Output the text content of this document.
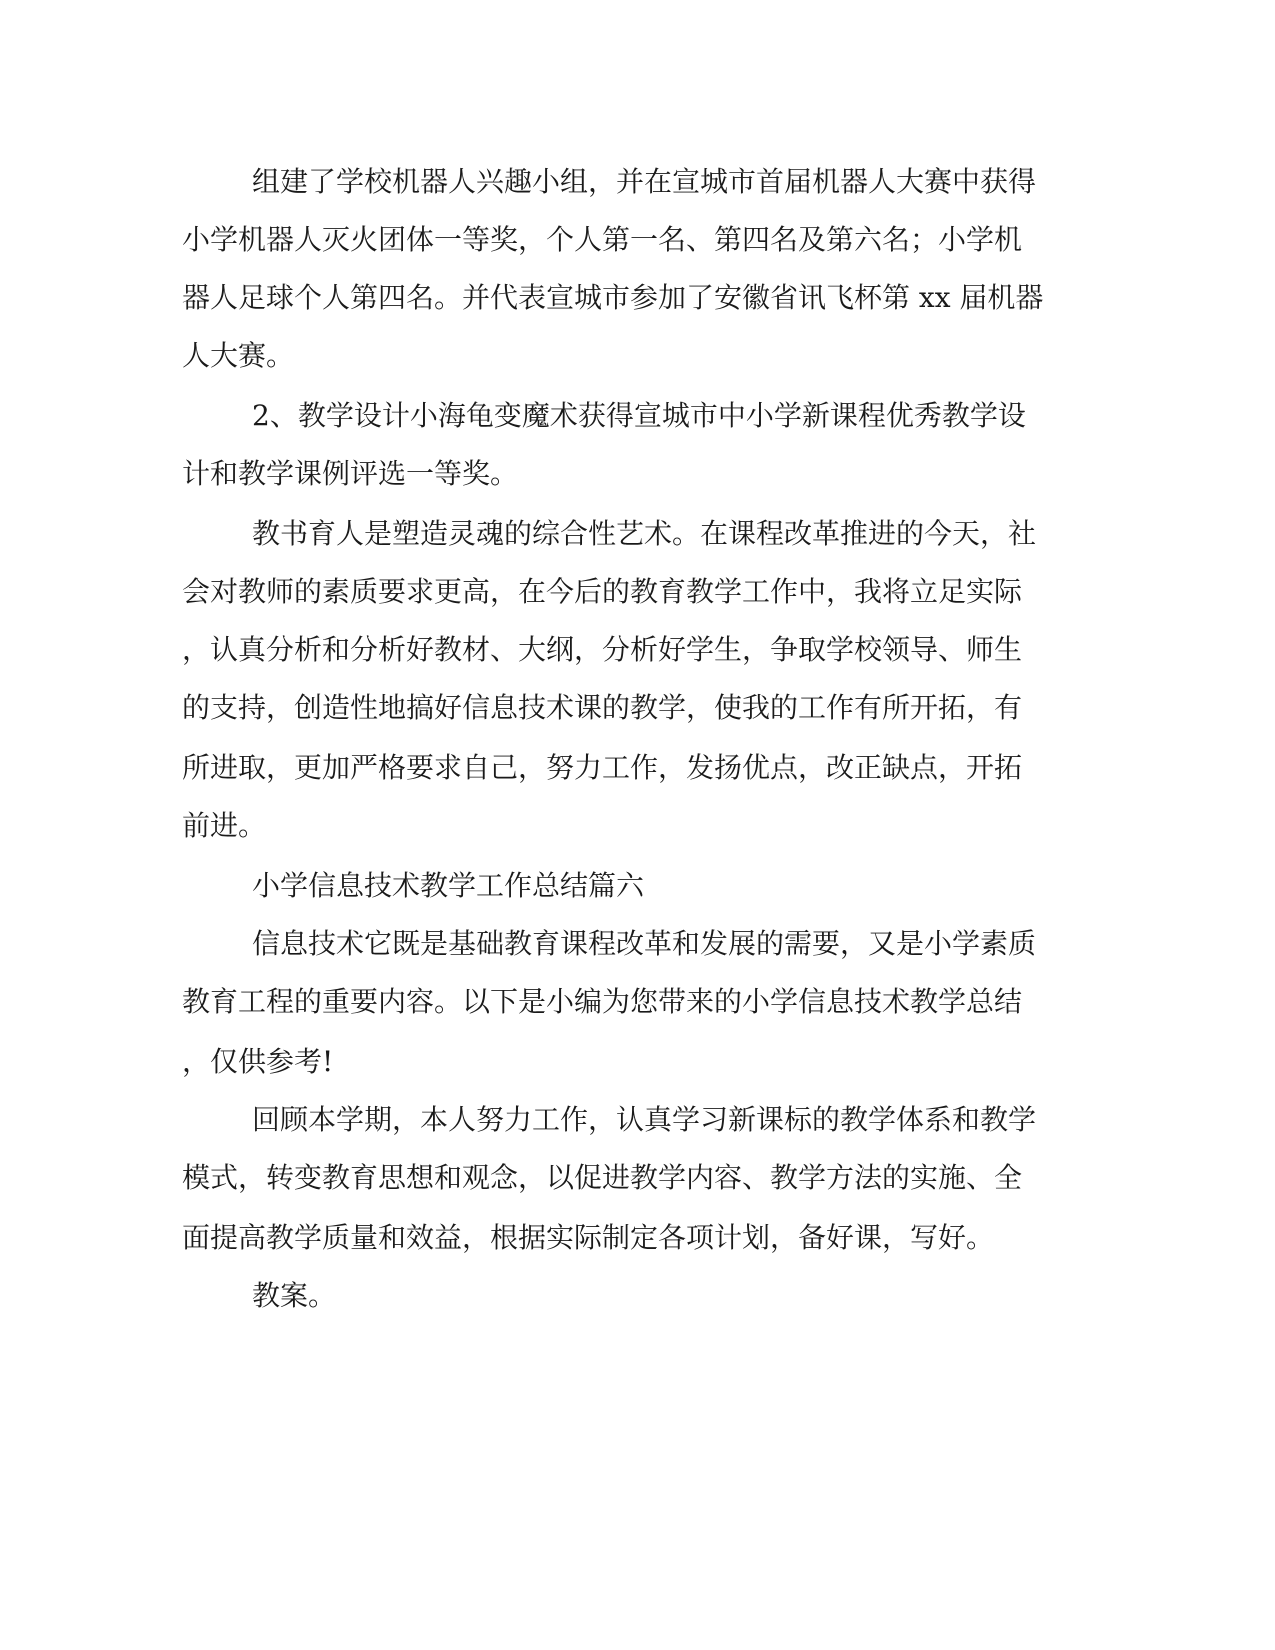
组建了学校机器人兴趣小组，并在宣城市首届机器人大赛中获得
小学机器人灭火团体一等奖，个人第一名、第四名及第六名；小学机
器人足球个人第四名。并代表宣城市参加了安徽省讯飞杯第 xx 届机器
人大赛。
2、教学设计小海龟变魔术获得宣城市中小学新课程优秀教学设
计和教学课例评选一等奖。
教书育人是塑造灵魂的综合性艺术。在课程改革推进的今天，社
会对教师的素质要求更高，在今后的教育教学工作中，我将立足实际
，认真分析和分析好教材、大纲，分析好学生，争取学校领导、师生
的支持，创造性地搞好信息技术课的教学，使我的工作有所开拓，有
所进取，更加严格要求自己，努力工作，发扬优点，改正缺点，开拓
前进。
小学信息技术教学工作总结篇六
信息技术它既是基础教育课程改革和发展的需要，又是小学素质
教育工程的重要内容。以下是小编为您带来的小学信息技术教学总结
，仅供参考!
回顾本学期，本人努力工作，认真学习新课标的教学体系和教学
模式，转变教育思想和观念，以促进教学内容、教学方法的实施、全
面提高教学质量和效益，根据实际制定各项计划，备好课，写好。
教案。
